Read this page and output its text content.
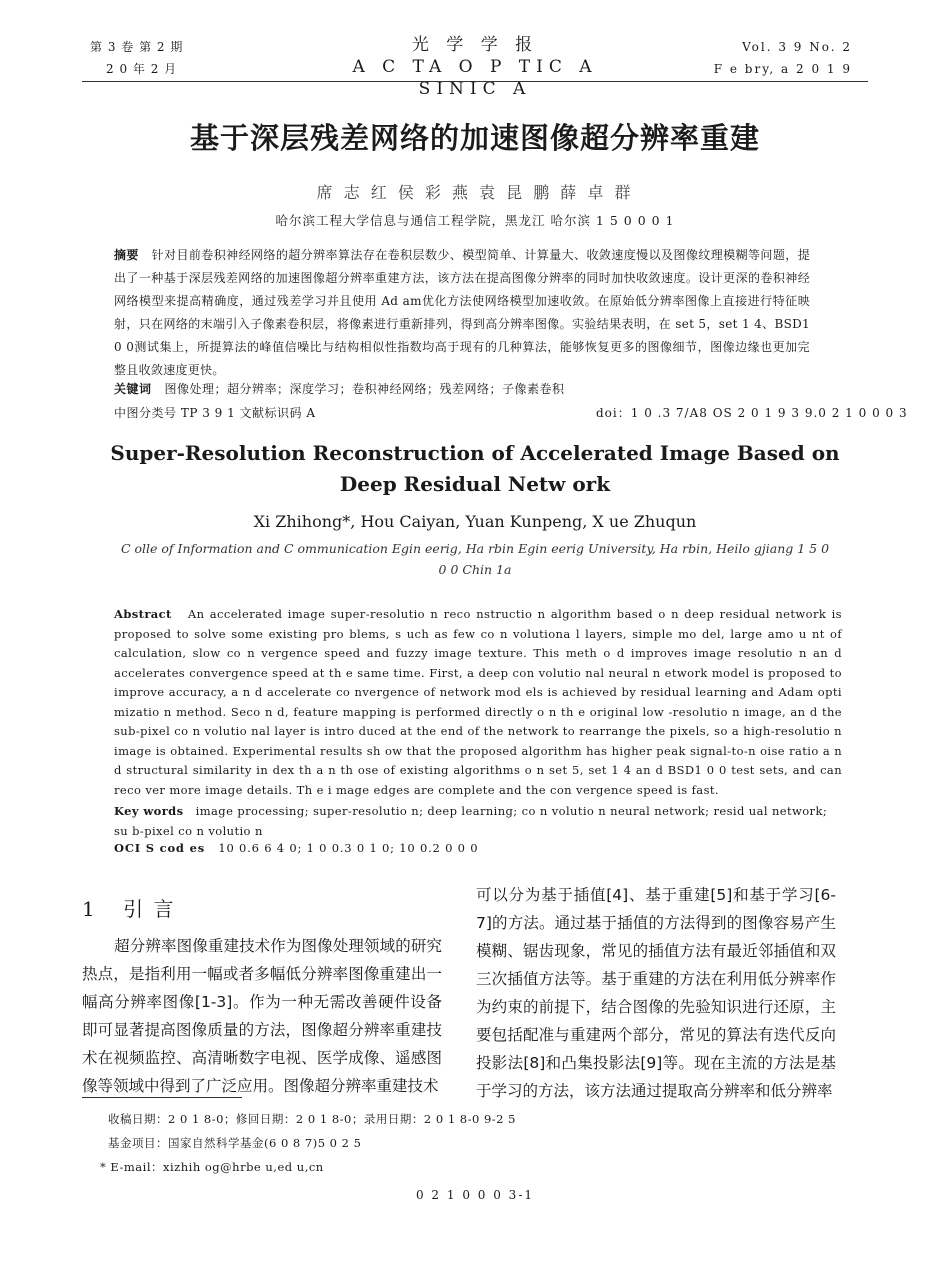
第 3 卷 第 2 期
2 0 年 2 月
光 学 学 报
A C TA O P TIC A SINIC A
Vol. 3 9 No. 2
F e bry, a 2 0 1 9
基于深层残差网络的加速图像超分辨率重建
席 志 红 侯 彩 燕 袁 昆 鹏 薛 卓 群
哈尔滨工程大学信息与通信工程学院，黑龙江 哈尔滨 1 5 0 0 0 1
摘要 针对目前卷积神经网络的超分辨率算法存在卷积层数少、模型简单、计算量大、收敛速度慢以及图像纹理模糊等问题，提出了一种基于深层残差网络的加速图像超分辨率重建方法，该方法在提高图像分辨率的同时加快收敛速度。设计更深的卷积神经网络模型来提高精确度，通过残差学习并且使用 Ad am优化方法使网络模型加速收敛。在原始低分辨率图像上直接进行特征映射，只在网络的末端引入子像素卷积层，将像素进行重新排列，得到高分辨率图像。实验结果表明，在 set 5，set 1 4、BSD1 0 0测试集上，所提算法的峰值信噪比与结构相似性指数均高于现有的几种算法，能够恢复更多的图像细节，图像边缘也更加完整且收敛速度更快。
关键词 图像处理；超分辨率；深度学习；卷积神经网络；残差网络；子像素卷积
中图分类号 TP 3 9 1 文献标识码 A	doi：1 0 .3 7/A8 OS 2 0 1 9 3 9.0 2 1 0 0 0 3
Super-Resolution Reconstruction of Accelerated Image Based on Deep Residual Netw ork
Xi Zhihong*, Hou Caiyan, Yuan Kunpeng, X ue Zhuqun
C olle of Information and C ommunication Egin eerig, Ha rbin Egin eerig University, Ha rbin, Heilo gjiang 1 5 0 0 0 Chin 1a
Abstract An accelerated image super-resolutio n reco nstructio n algorithm based o n deep residual network is proposed to solve some existing pro blems, s uch as few co n volutiona l layers, simple mo del, large amo u nt of calculation, slow co n vergence speed and fuzzy image texture. This meth o d improves image resolutio n an d accelerates convergence speed at th e same time. First, a deep con volutio nal neural n etwork model is proposed to improve accuracy, a n d accelerate co nvergence of network mod els is achieved by residual learning and Adam opti mizatio n method. Seco n d, feature mapping is performed directly o n th e original low -resolutio n image, an d the sub-pixel co n volutio nal layer is intro duced at the end of the network to rearrange the pixels, so a high-resolutio n image is obtained. Experimental results sh ow that the proposed algorithm has higher peak signal-to-n oise ratio a n d structural similarity in dex th a n th ose of existing algorithms o n set 5, set 1 4 an d BSD1 0 0 test sets, and can reco ver more image details. Th e i mage edges are complete and the con vergence speed is fast.
Key words image processing; super-resolutio n; deep learning; co n volutio n neural network; resid ual network; su b-pixel co n volutio n
OCI S cod es 10 0.6 6 4 0; 1 0 0.3 0 1 0; 10 0.2 0 0 0
1 引 言
超分辨率图像重建技术作为图像处理领域的研究热点，是指利用一幅或者多幅低分辨率图像重建出一幅高分辨率图像[1-3]。作为一种无需改善硬件设备即可显著提高图像质量的方法，图像超分辨率重建技术在视频监控、高清晰数字电视、医学成像、遥感图像等领域中得到了广泛应用。图像超分辨率重建技术
可以分为基于插值[4]、基于重建[5]和基于学习[6-7]的方法。通过基于插值的方法得到的图像容易产生模糊、锯齿现象，常见的插值方法有最近邻插值和双三次插值方法等。基于重建的方法在利用低分辨率作为约束的前提下，结合图像的先验知识进行还原，主要包括配准与重建两个部分，常见的算法有迭代反向投影法[8]和凸集投影法[9]等。现在主流的方法是基于学习的方法，该方法通过提取高分辨率和低分辨率
收稿日期：2 0 1 8-0；修回日期：2 0 1 8-0；录用日期：2 0 1 8-0 9-2 5
基金项目：国家自然科学基金(6 0 8 7)5 0 2 5
* E-mail：xizhih og@hrbe u,ed u,cn
0 2 1 0 0 0 3-1
